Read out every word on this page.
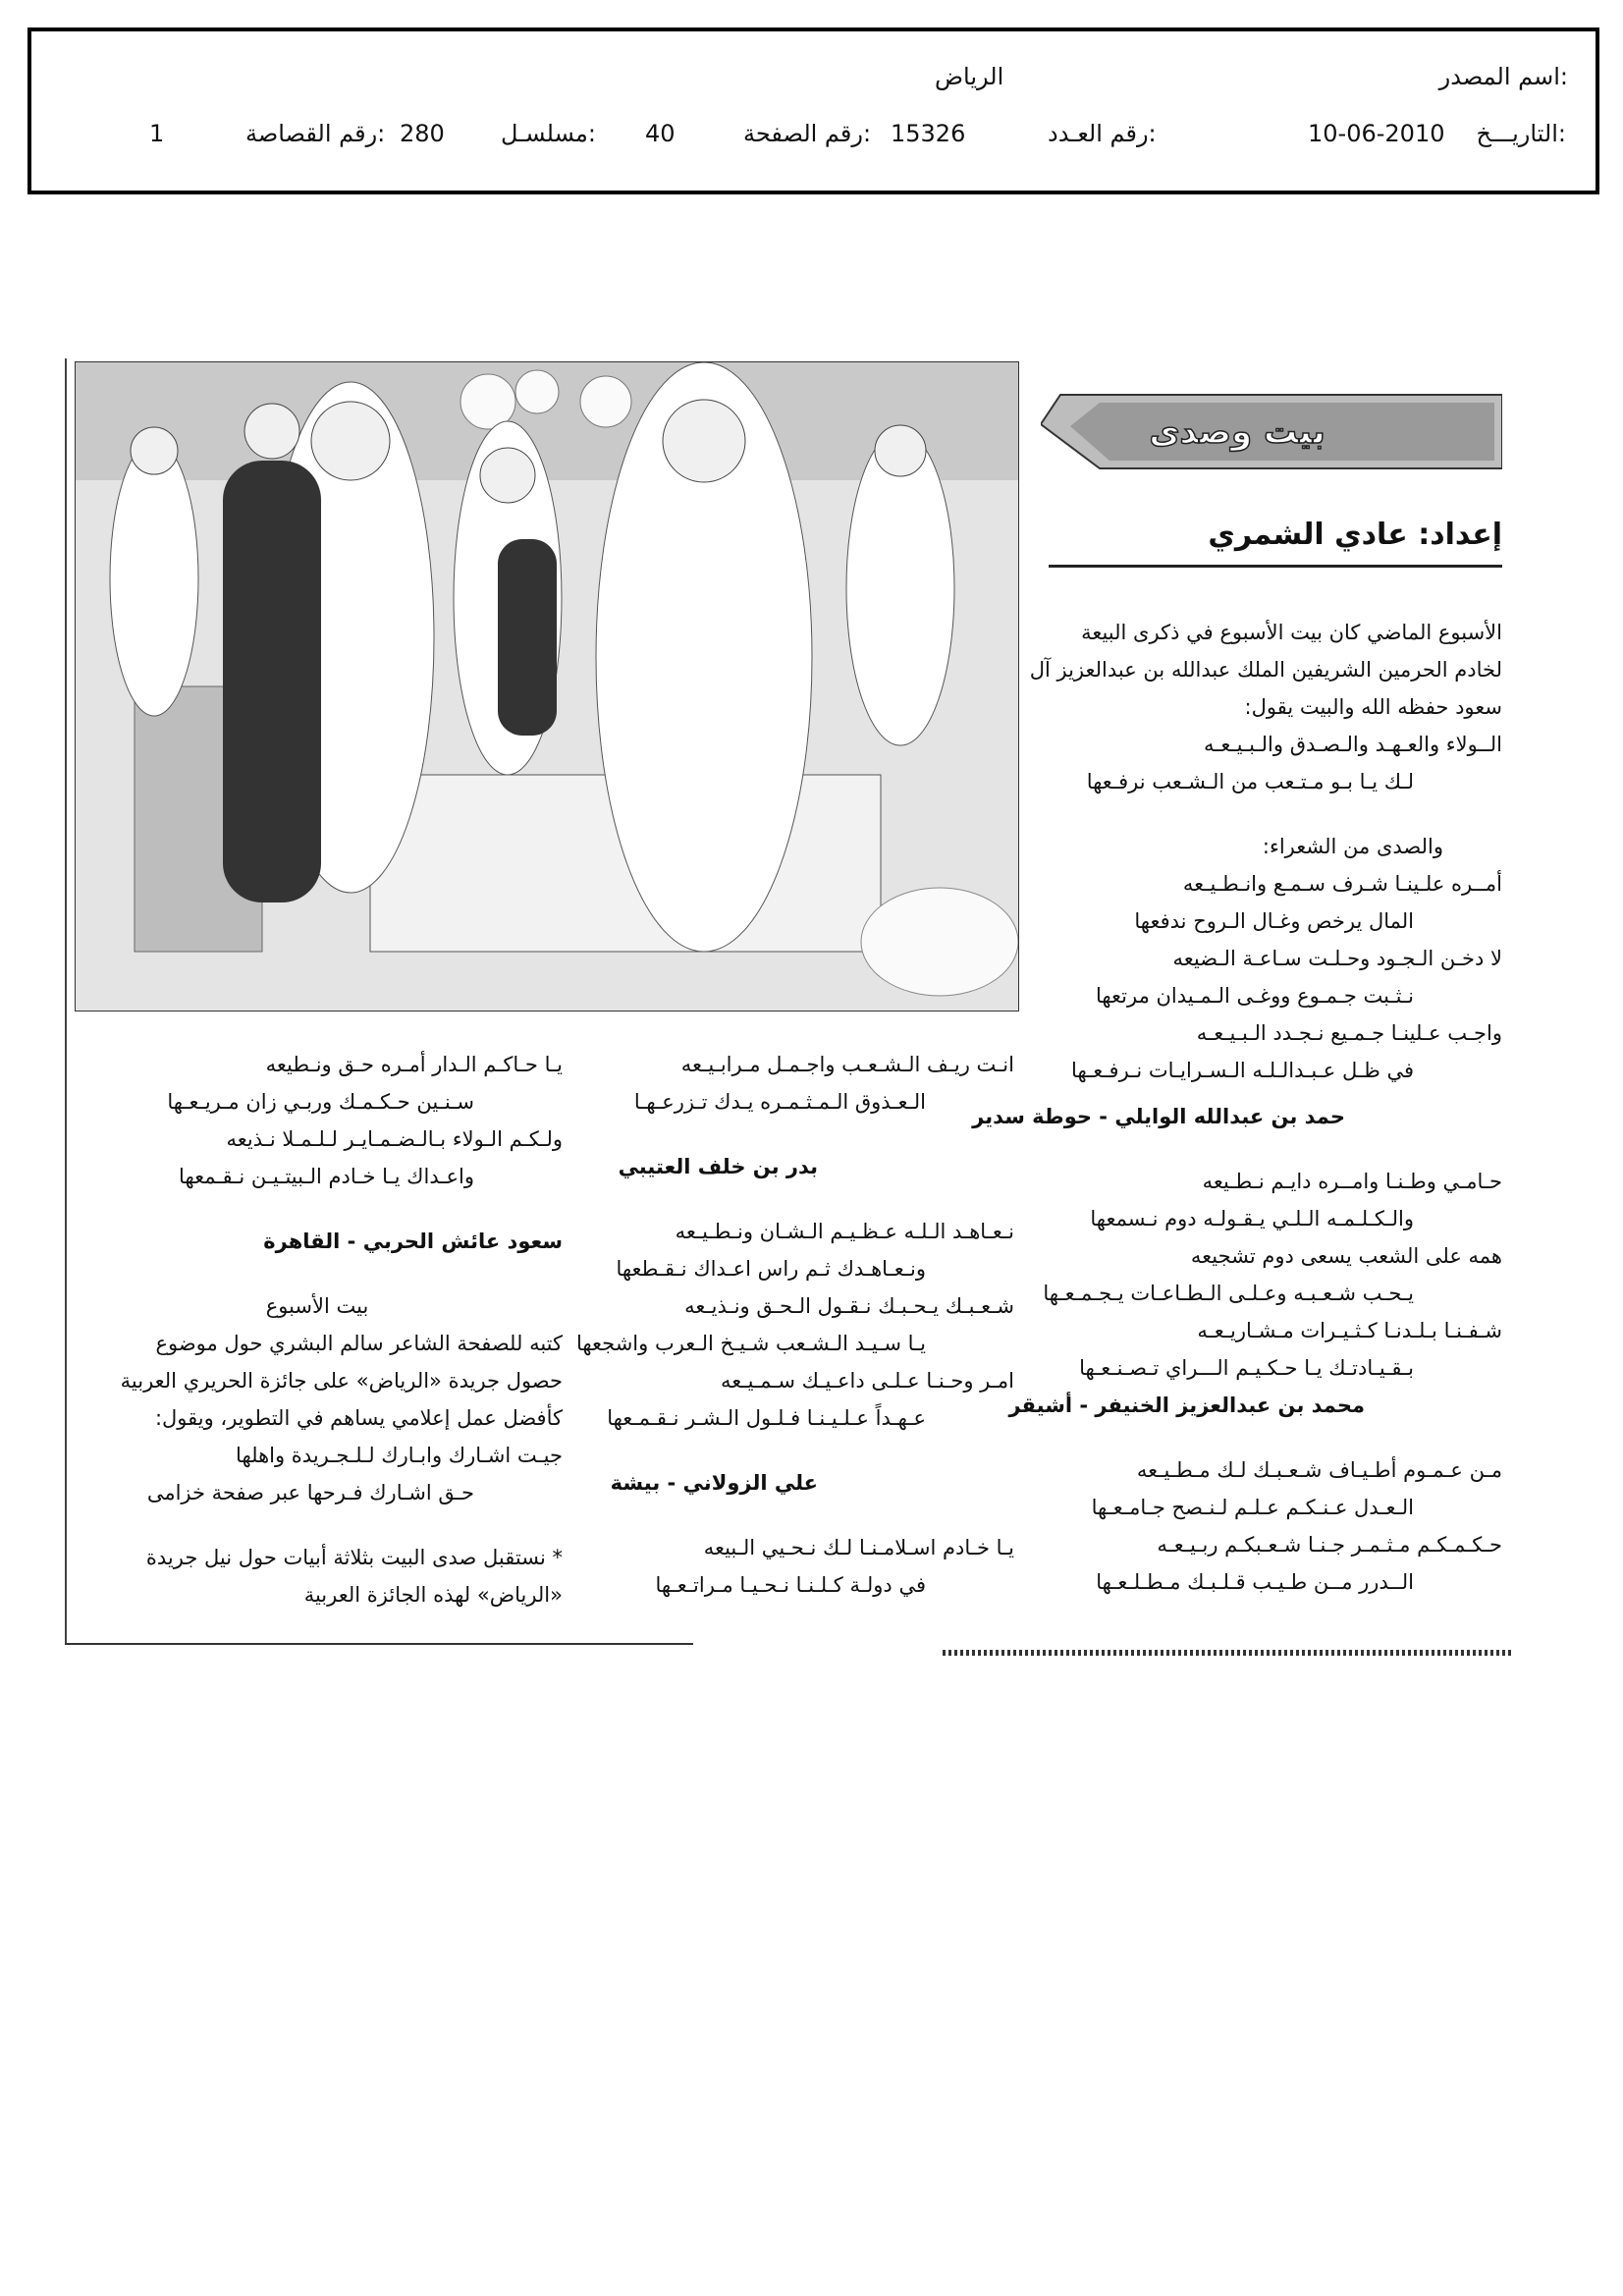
اسم المصدر:
الرياض
التاريـــخ:
10-06-2010
رقم العـدد:
15326
رقم الصفحة:
40
مسلسـل:
280
رقم القصاصة:
1
بيت وصدى
إعداد: عادي الشمري

الأسبوع الماضي كان بيت الأسبوع في ذكرى البيعة

لخادم الحرمين الشريفين الملك عبدالله بن عبدالعزيز آل

سعود حفظه الله والبيت يقول:

الــولاء والعـهـد والـصـدق والـبـيـعـه

لـك يـا بـو مـتـعب من الـشـعب نرفـعها

والصدى من الشعراء:

أمــره علـينـا شـرف سـمـع وانـطـيـعه

المال يرخص وغـال الـروح ندفعها

لا دخـن الـجـود وحـلـت سـاعـة الـضيعه

نـثـبت جـمـوع ووغـى الـمـيدان مرتعها

واجـب عـلينـا جـمـيع نـجـدد الـبـيـعـه

في ظـل عـبـدالـلـه الـسـرايـات نـرفـعـها

حمد بن عبدالله الوايلي - حوطة سدير

حـامـي وطـنـا وامــره دايـم نـطـيعه

والـكـلـمـه الـلـي يـقـولـه دوم نـسمعها

همه على الشعب يسعى دوم تشجيعه

يـحـب شـعـبـه وعـلـى الـطـاعـات يـجـمـعـها

شـفـنـا بـلـدنـا كـثـيـرات مـشـاريـعـه

بـقـيـادتـك يـا حـكـيـم الـــراي تـصـنـعـها

محمد بن عبدالعزيز الخنيفر - أشيقر

مـن عـمـوم أطـيـاف شـعـبـك لـك مـطـيـعه

الـعـدل عـنـكـم عـلـم لـنـصح جـامـعـها

حـكـمـكـم مـثـمـر جـنـا شـعـبكـم ربـيـعـه

الــدرر مــن طـيـب قـلـبـك مـطـلـعـها

انـت ريـف الـشـعـب واجـمـل مـرابـيـعه

الـعـذوق الـمـثـمـره يـدك تـزرعـهـا

بدر بن خلف العتيبي

نـعـاهـد الـلـه عـظـيـم الـشـان ونـطـيـعه

ونـعـاهـدك ثـم راس اعـداك نـقـطعها

شـعـبـك يـحـبـك نـقـول الـحـق ونـذيـعه

يـا سـيـد الـشـعب شـيـخ الـعرب واشجعها

امـر وحـنـا عـلـى داعـيـك سـمـيـعه

عـهـداً عـلـيـنـا فـلـول الـشـر نـقـمـعها

علي الزولاني - بيشة

يـا خـادم اسـلامـنـا لـك نـحـيي الـبيعه

في دولـة كـلـنـا نـحـيـا مـراتـعـها

يـا حـاكـم الـدار أمـره حـق ونـطيعه

سـنـين حـكـمـك وربـي زان مـريـعـها

ولـكـم الـولاء بـالـضـمـايـر لـلـمـلا نـذيعه

واعـداك يـا خـادم الـبيتـيـن نـقـمعها

سعود عائش الحربي - القاهرة

بيت الأسبوع

كتبه للصفحة الشاعر سالم البشري حول موضوع

حصول جريدة «الرياض» على جائزة الحريري العربية

كأفضل عمل إعلامي يساهم في التطوير، ويقول:

جيـت اشـارك وابـارك لـلـجـريدة واهلها

حـق اشـارك فـرحها عبر صفحة خزامى

* نستقبل صدى البيت بثلاثة أبيات حول نيل جريدة

«الرياض» لهذه الجائزة العربية
